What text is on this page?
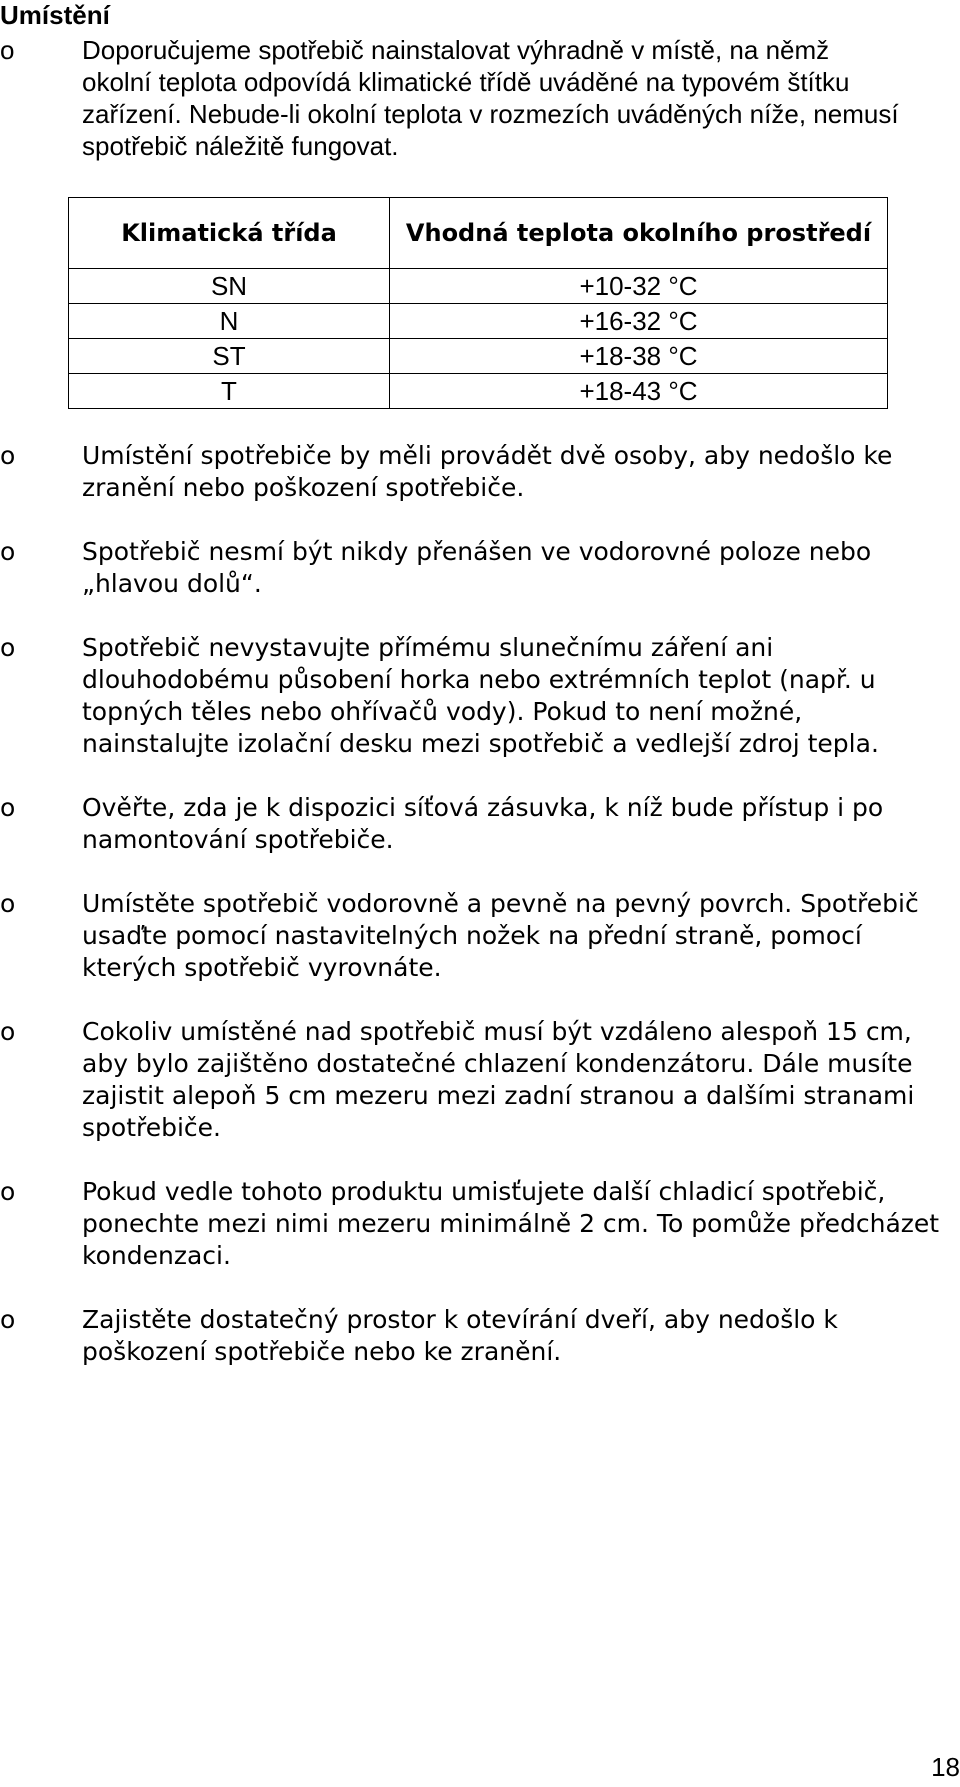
Umístění
o	Doporučujeme spotřebič nainstalovat výhradně v místě, na němž okolní teplota odpovídá klimatické třídě uváděné na typovém štítku zařízení. Nebude-li okolní teplota v rozmezích uváděných níže, nemusí spotřebič náležitě fungovat.
Klimatická třída	Vhodná teplota okolního prostředí
SN	+10-32 °C
N	+16-32 °C
ST	+18-38 °C
T	+18-43 °C
o	Umístění spotřebiče by měli provádět dvě osoby, aby nedošlo ke zranění nebo poškození spotřebiče.
o	Spotřebič nesmí být nikdy přenášen ve vodorovné poloze nebo „hlavou dolů“.
o	Spotřebič nevystavujte přímému slunečnímu záření ani dlouhodobému působení horka nebo extrémních teplot (např. u topných těles nebo ohřívačů vody). Pokud to není možné, nainstalujte izolační desku mezi spotřebič a vedlejší zdroj tepla.
o	Ověřte, zda je k dispozici síťová zásuvka, k níž bude přístup i po namontování spotřebiče.
o	Umístěte spotřebič vodorovně a pevně na pevný povrch. Spotřebič usaďte pomocí nastavitelných nožek na přední straně, pomocí kterých spotřebič vyrovnáte.
o	Cokoliv umístěné nad spotřebič musí být vzdáleno alespoň 15 cm, aby bylo zajištěno dostatečné chlazení kondenzátoru. Dále musíte zajistit alepoň 5 cm mezeru mezi zadní stranou a dalšími stranami spotřebiče.
o	Pokud vedle tohoto produktu umisťujete další chladicí spotřebič, ponechte mezi nimi mezeru minimálně 2 cm. To pomůže předcházet kondenzaci.
o	Zajistěte dostatečný prostor k otevírání dveří, aby nedošlo k poškození spotřebiče nebo ke zranění.
18
